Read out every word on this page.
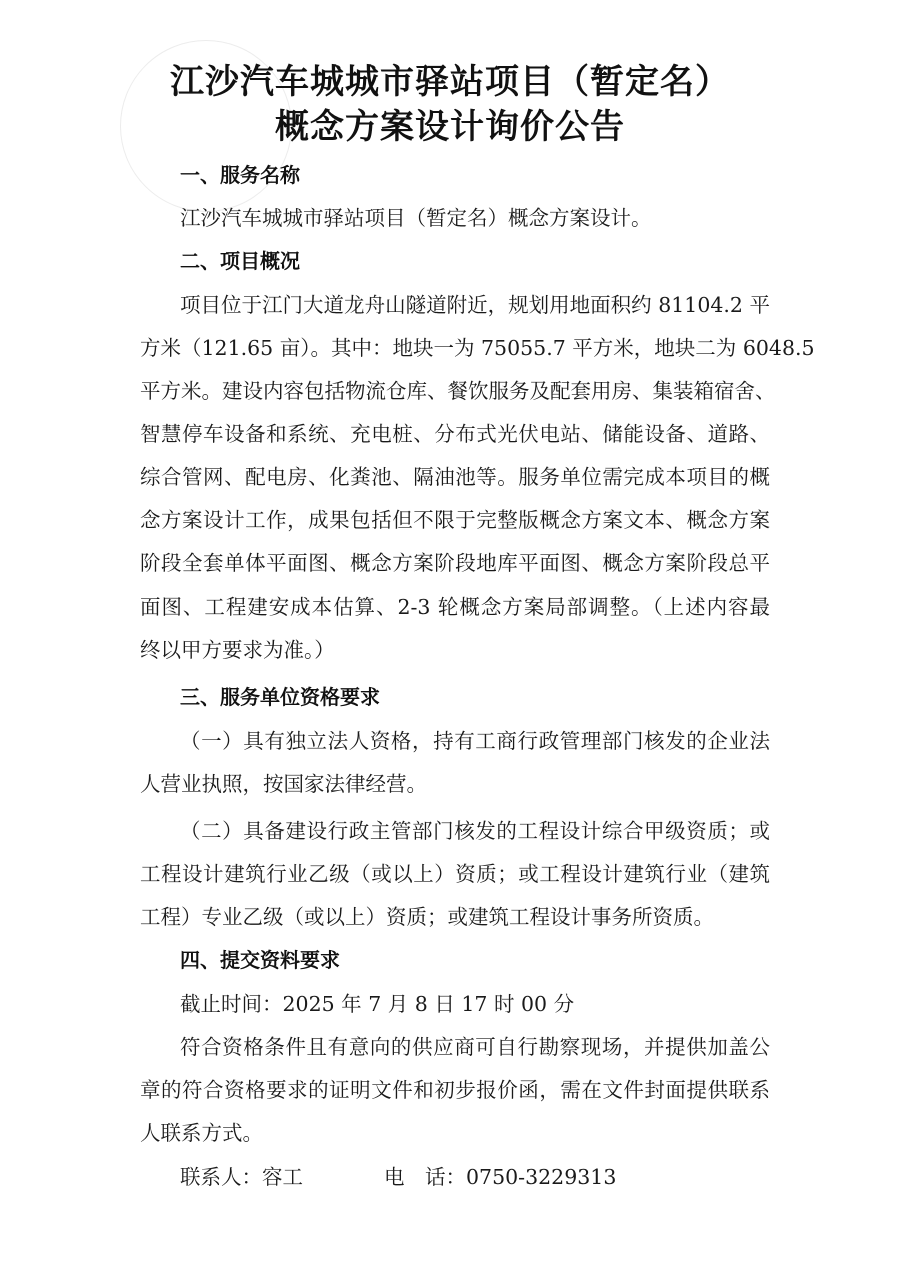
江沙汽车城城市驿站项目（暂定名）
概念方案设计询价公告
一、服务名称
江沙汽车城城市驿站项目（暂定名）概念方案设计。
二、项目概况
项目位于江门大道龙舟山隧道附近，规划用地面积约 81104.2 平
方米（121.65 亩）。其中：地块一为 75055.7 平方米，地块二为 6048.5
平方米。建设内容包括物流仓库、餐饮服务及配套用房、集装箱宿舍、
智慧停车设备和系统、充电桩、分布式光伏电站、储能设备、道路、
综合管网、配电房、化粪池、隔油池等。服务单位需完成本项目的概
念方案设计工作，成果包括但不限于完整版概念方案文本、概念方案
阶段全套单体平面图、概念方案阶段地库平面图、概念方案阶段总平
面图、工程建安成本估算、2-3 轮概念方案局部调整。（上述内容最
终以甲方要求为准。）
三、服务单位资格要求
（一）具有独立法人资格，持有工商行政管理部门核发的企业法
人营业执照，按国家法律经营。
（二）具备建设行政主管部门核发的工程设计综合甲级资质；或
工程设计建筑行业乙级（或以上）资质；或工程设计建筑行业（建筑
工程）专业乙级（或以上）资质；或建筑工程设计事务所资质。
四、提交资料要求
截止时间：2025 年 7 月 8 日 17 时 00 分
符合资格条件且有意向的供应商可自行勘察现场，并提供加盖公
章的符合资格要求的证明文件和初步报价函，需在文件封面提供联系
人联系方式。
联系人：容工	电　话：0750-3229313
